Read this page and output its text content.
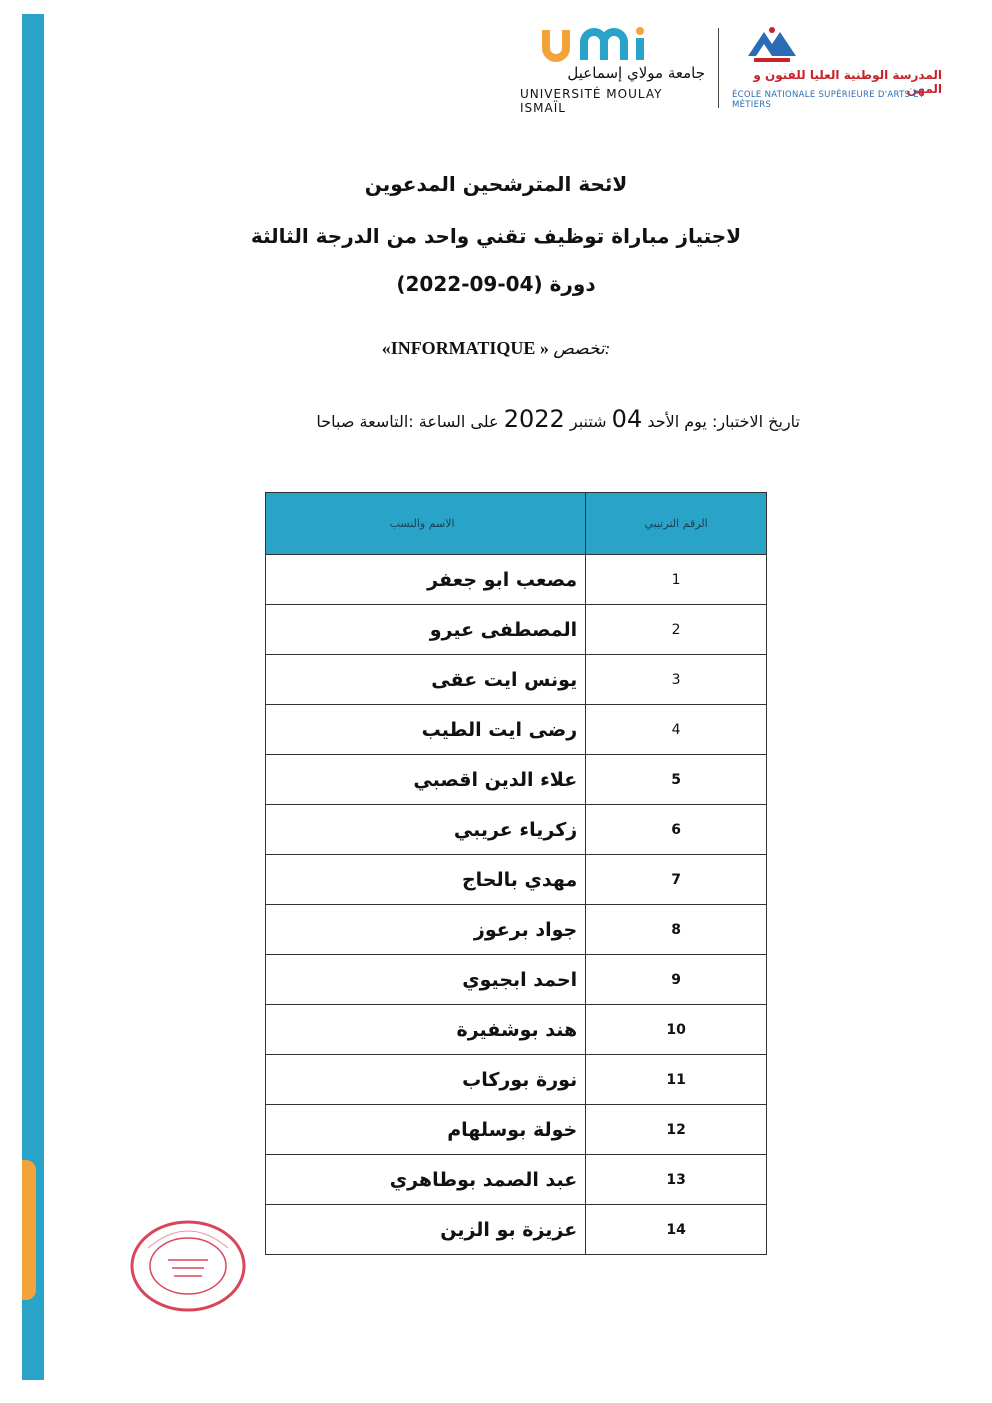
جامعة مولاي إسماعيل
UNIVERSITÉ MOULAY ISMAÏL
المدرسة الوطنية العليا للفنون و المهن
ÉCOLE NATIONALE SUPÉRIEURE D'ARTS ET MÉTIERS
لائحة المترشحين المدعوين
لاجتياز مباراة توظيف تقني واحد من الدرجة الثالثة
دورة (04-09-2022)
«INFORMATIQUE » تخصص:
تاريخ الاختبار: يوم الأحد 04 شتنبر 2022 على الساعة :التاسعة صباحا
الاسم والنسب	الرقم الترتيبي
مصعب ابو جعفر	1
المصطفى عيرو	2
يونس ايت عقى	3
رضى ايت الطيب	4
علاء الدين اقصبي	5
زكرياء عريبي	6
مهدي بالحاج	7
جواد برعوز	8
احمد ابجيوي	9
هند بوشفيرة	10
نورة بوركاب	11
خولة بوسلهام	12
عبد الصمد بوطاهري	13
عزيزة بو الزين	14
